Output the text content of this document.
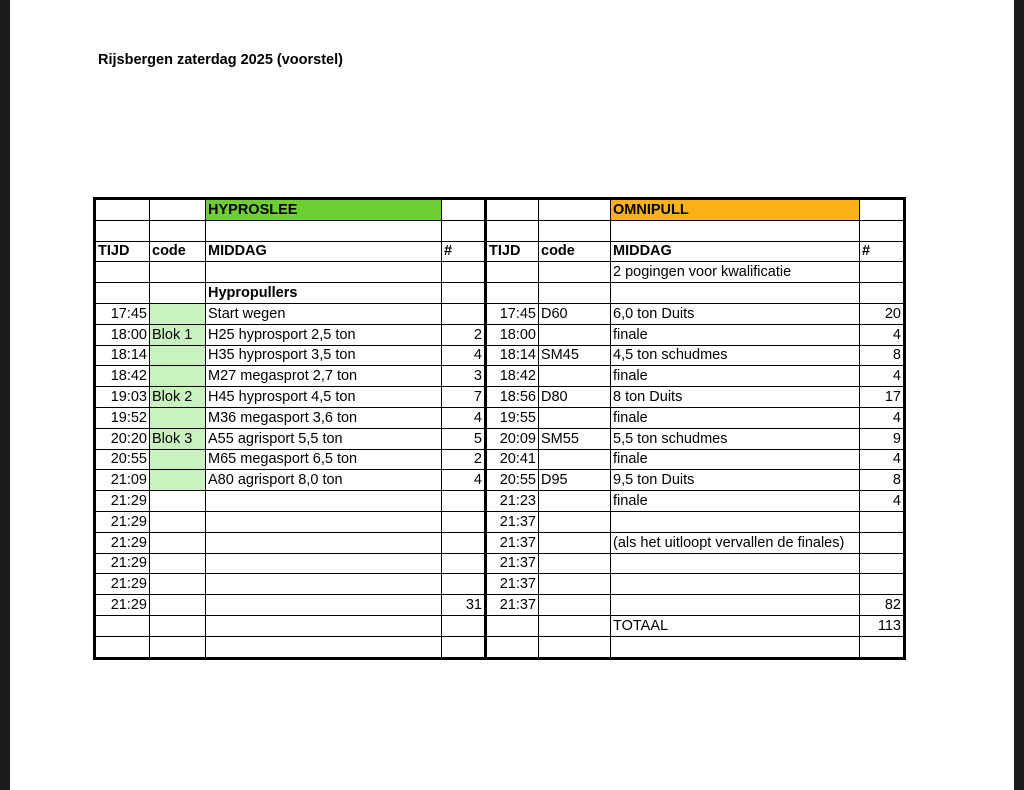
Rijsbergen zaterdag 2025 (voorstel)
		HYPROSLEE				OMNIPULL	

TIJD	code	MIDDAG	#	TIJD	code	MIDDAG	#
						2 pogingen voor kwalificatie	
		Hypropullers					
17:45		Start wegen		17:45	D60	6,0 ton Duits	20
18:00	Blok 1	H25 hyprosport 2,5 ton	2	18:00		finale	4
18:14		H35 hyprosport 3,5 ton	4	18:14	SM45	4,5 ton schudmes	8
18:42		M27 megasprot 2,7 ton	3	18:42		finale	4
19:03	Blok 2	H45 hyprosport 4,5 ton	7	18:56	D80	8 ton Duits	17
19:52		M36 megasport 3,6 ton	4	19:55		finale	4
20:20	Blok 3	A55 agrisport 5,5 ton	5	20:09	SM55	5,5 ton schudmes	9
20:55		M65 megasport 6,5 ton	2	20:41		finale	4
21:09		A80 agrisport 8,0 ton	4	20:55	D95	9,5 ton Duits	8
21:29				21:23		finale	4
21:29				21:37			
21:29				21:37		(als het uitloopt vervallen de finales)	
21:29				21:37			
21:29				21:37			
21:29			31	21:37			82
						TOTAAL	113
